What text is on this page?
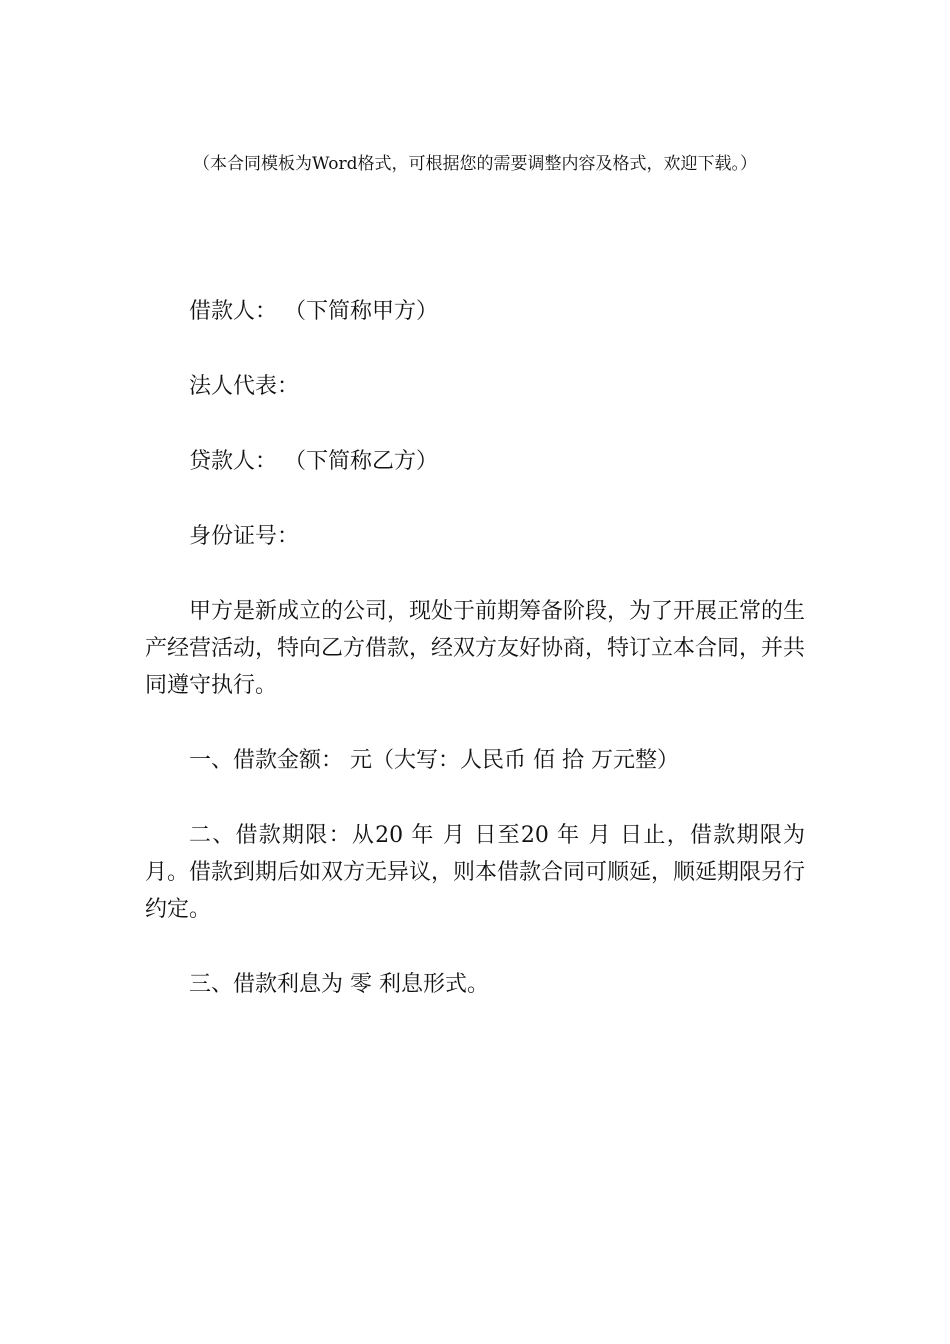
（本合同模板为Word格式，可根据您的需要调整内容及格式，欢迎下载。）

借款人： （下简称甲方）

法人代表：

贷款人： （下简称乙方）

身份证号：

甲方是新成立的公司，现处于前期筹备阶段，为了开展正常的生产经营活动，特向乙方借款，经双方友好协商，特订立本合同，并共同遵守执行。

一、借款金额： 元（大写：人民币 佰 拾 万元整）

二、借款期限：从20 年 月 日至20 年 月 日止，借款期限为 月。借款到期后如双方无异议，则本借款合同可顺延，顺延期限另行约定。

三、借款利息为 零 利息形式。
